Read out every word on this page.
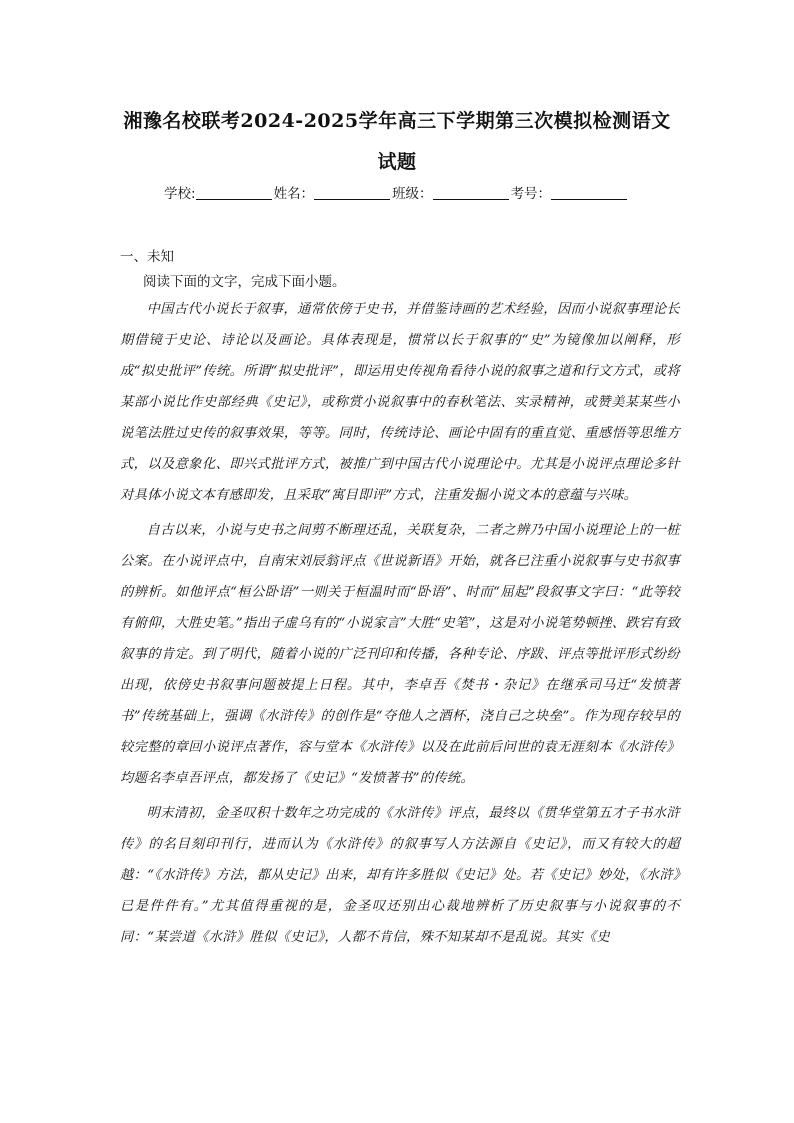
湘豫名校联考2024-2025学年高三下学期第三次模拟检测语文
试题
学校:	姓名：	班级：	考号：
一、未知
阅读下面的文字，完成下面小题。

中国古代小说长于叙事，通常依傍于史书，并借鉴诗画的艺术经验，因而小说叙事理论长期借镜于史论、诗论以及画论。具体表现是，惯常以长于叙事的“史”为镜像加以阐释，形成“拟史批评”传统。所谓“拟史批评”，即运用史传视角看待小说的叙事之道和行文方式，或将某部小说比作史部经典《史记》，或称赏小说叙事中的春秋笔法、实录精神，或赞美某某些小说笔法胜过史传的叙事效果，等等。同时，传统诗论、画论中固有的重直觉、重感悟等思维方式，以及意象化、即兴式批评方式，被推广到中国古代小说理论中。尤其是小说评点理论多针对具体小说文本有感即发，且采取“寓目即评”方式，注重发掘小说文本的意蕴与兴味。

自古以来，小说与史书之间剪不断理还乱，关联复杂，二者之辨乃中国小说理论上的一桩公案。在小说评点中，自南宋刘辰翁评点《世说新语》开始，就各已注重小说叙事与史书叙事的辨析。如他评点“桓公卧语”一则关于桓温时而“卧语”、时而“屈起”段叙事文字曰：“此等较有俯仰，大胜史笔。”指出子虚乌有的“小说家言”大胜“史笔”，这是对小说笔势顿挫、跌宕有致叙事的肯定。到了明代，随着小说的广泛刊印和传播，各种专论、序跋、评点等批评形式纷纷出现，依傍史书叙事问题被提上日程。其中，李卓吾《焚书・杂记》在继承司马迁“发愤著书”传统基础上，强调《水浒传》的创作是“夺他人之酒杯，浇自己之块垒”。作为现存较早的较完整的章回小说评点著作，容与堂本《水浒传》以及在此前后问世的袁无涯刻本《水浒传》均题名李卓吾评点，都发扬了《史记》“发愤著书”的传统。

明末清初，金圣叹积十数年之功完成的《水浒传》评点，最终以《贯华堂第五才子书水浒传》的名目刻印刊行，进而认为《水浒传》的叙事写人方法源自《史记》，而又有较大的超越：“《水浒传》方法，都从史记》出来，却有许多胜似《史记》处。若《史记》妙处，《水浒》已是件件有。”尤其值得重视的是，金圣叹还别出心裁地辨析了历史叙事与小说叙事的不同：“某尝道《水浒》胜似《史记》，人都不肯信，殊不知某却不是乱说。其实《史
